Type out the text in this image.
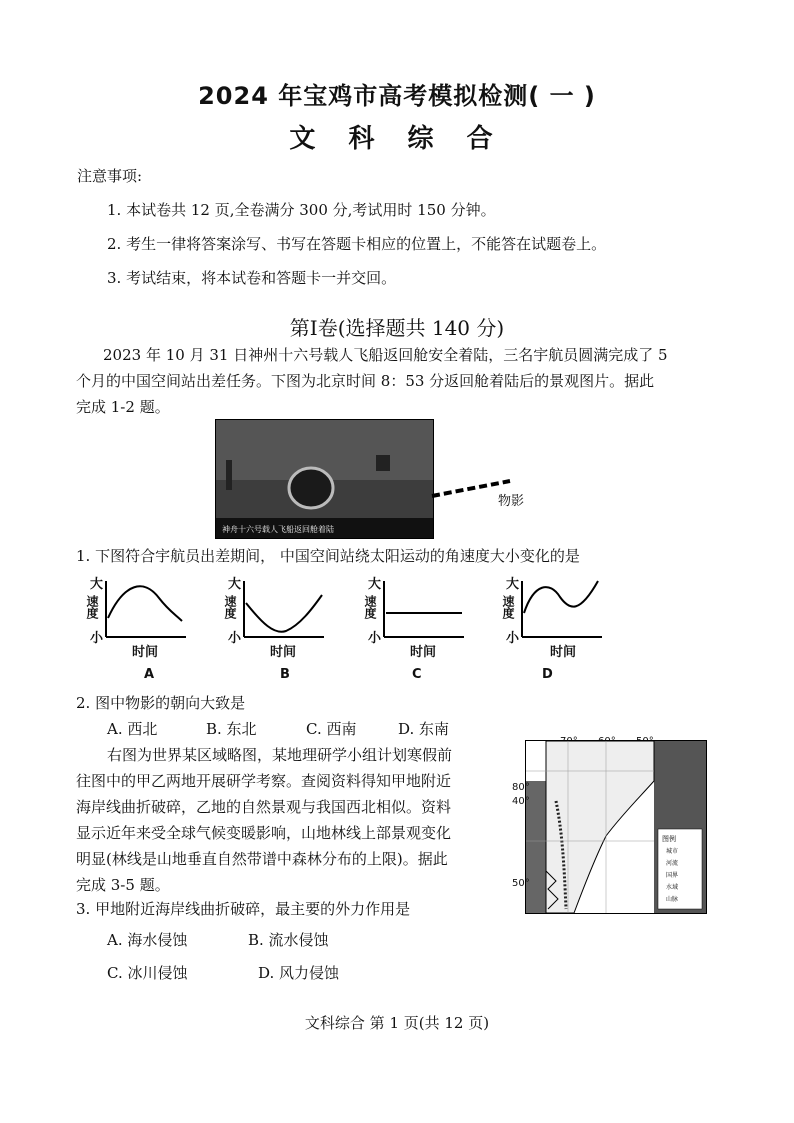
2024 年宝鸡市高考模拟检测( 一 )
文 科 综 合
注意事项:
1. 本试卷共 12 页,全卷满分 300 分,考试用时 150 分钟。
2. 考生一律将答案涂写、书写在答题卡相应的位置上，不能答在试题卷上。
3. 考试结束，将本试卷和答题卡一并交回。
第Ⅰ卷(选择题共 140 分)
2023 年 10 月 31 日神州十六号载人飞船返回舱安全着陆，三名宇航员圆满完成了 5
个月的中国空间站出差任务。下图为北京时间 8：53 分返回舱着陆后的景观图片。据此
完成 1-2 题。
神舟十六号载人飞船返回舱着陆
物影
1. 下图符合宇航员出差期间， 中国空间站绕太阳运动的角速度大小变化的是
大
速度
小
时间
A
大
速度
小
时间
B
大
速度
小
时间
C
大
速度
小
时间
D
2. 图中物影的朝向大致是
A. 西北	B. 东北	C. 西南	D. 东南
右图为世界某区域略图，某地理研学小组计划寒假前
往图中的甲乙两地开展研学考察。查阅资料得知甲地附近
海岸线曲折破碎，乙地的自然景观与我国西北相似。资料
显示近年来受全球气候变暖影响，山地林线上部景观变化
明显(林线是山地垂直自然带谱中森林分布的上限)。据此
完成 3-5 题。
图例
城市
河流
国界
水域
山脉
80°
40°
50°
3. 甲地附近海岸线曲折破碎，最主要的外力作用是
A. 海水侵蚀	B. 流水侵蚀
C. 冰川侵蚀	D. 风力侵蚀
文科综合 第 1 页(共 12 页)
